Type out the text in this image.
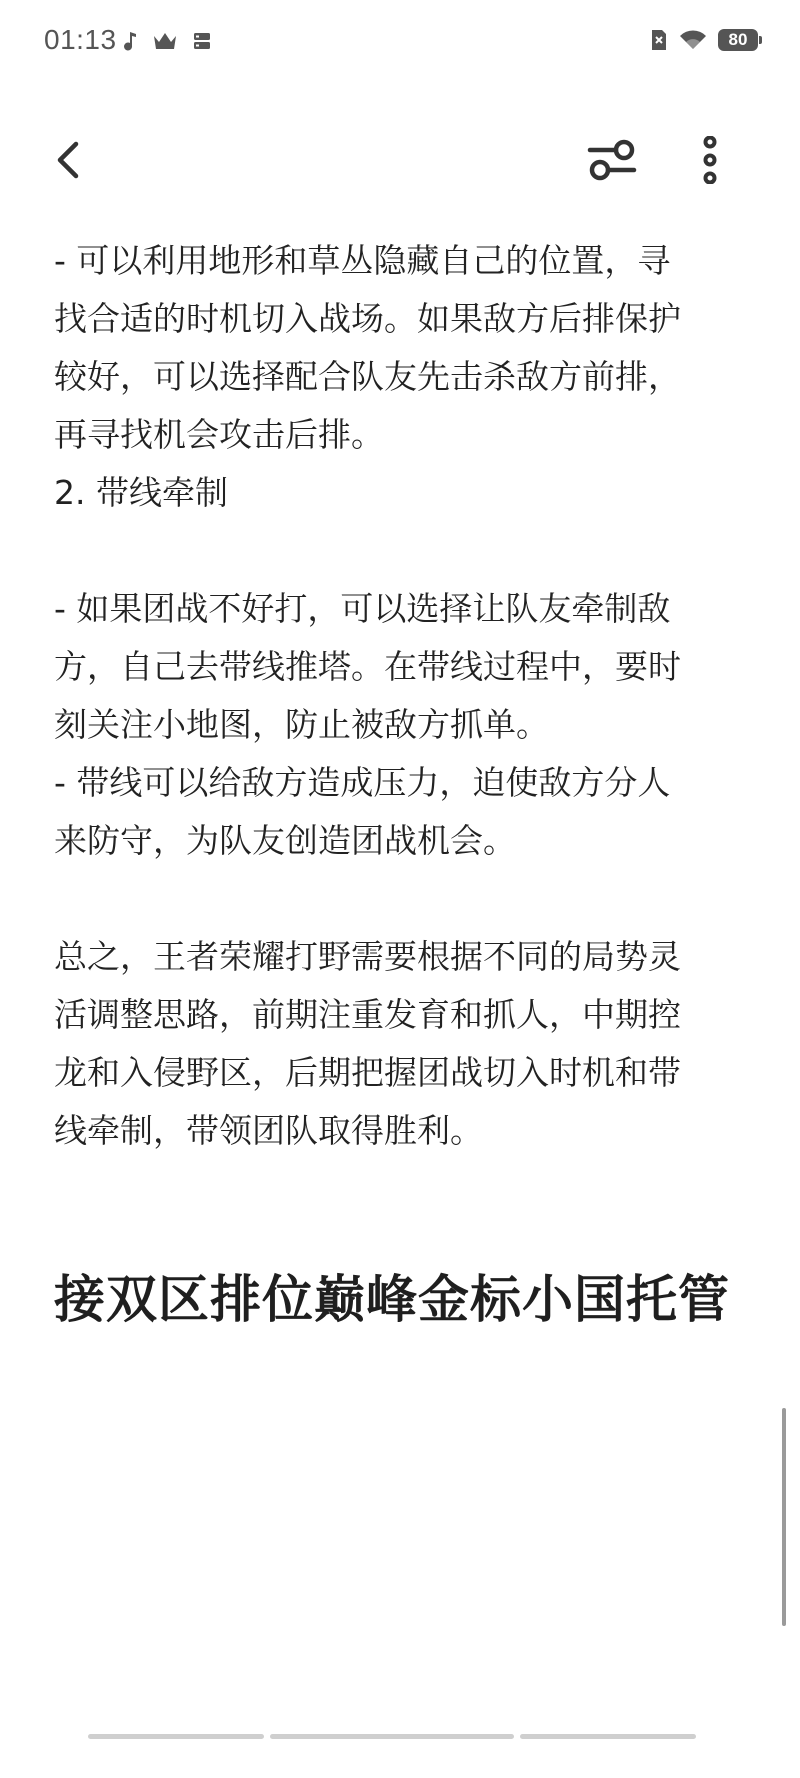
01:13	80
- 可以利用地形和草丛隐藏自己的位置，寻
找合适的时机切入战场。如果敌方后排保护
较好，可以选择配合队友先击杀敌方前排，
再寻找机会攻击后排。
2. 带线牵制
- 如果团战不好打，可以选择让队友牵制敌
方，自己去带线推塔。在带线过程中，要时
刻关注小地图，防止被敌方抓单。
- 带线可以给敌方造成压力，迫使敌方分人
来防守，为队友创造团战机会。
总之，王者荣耀打野需要根据不同的局势灵
活调整思路，前期注重发育和抓人，中期控
龙和入侵野区，后期把握团战切入时机和带
线牵制，带领团队取得胜利。
接双区排位巅峰金标小国托管
